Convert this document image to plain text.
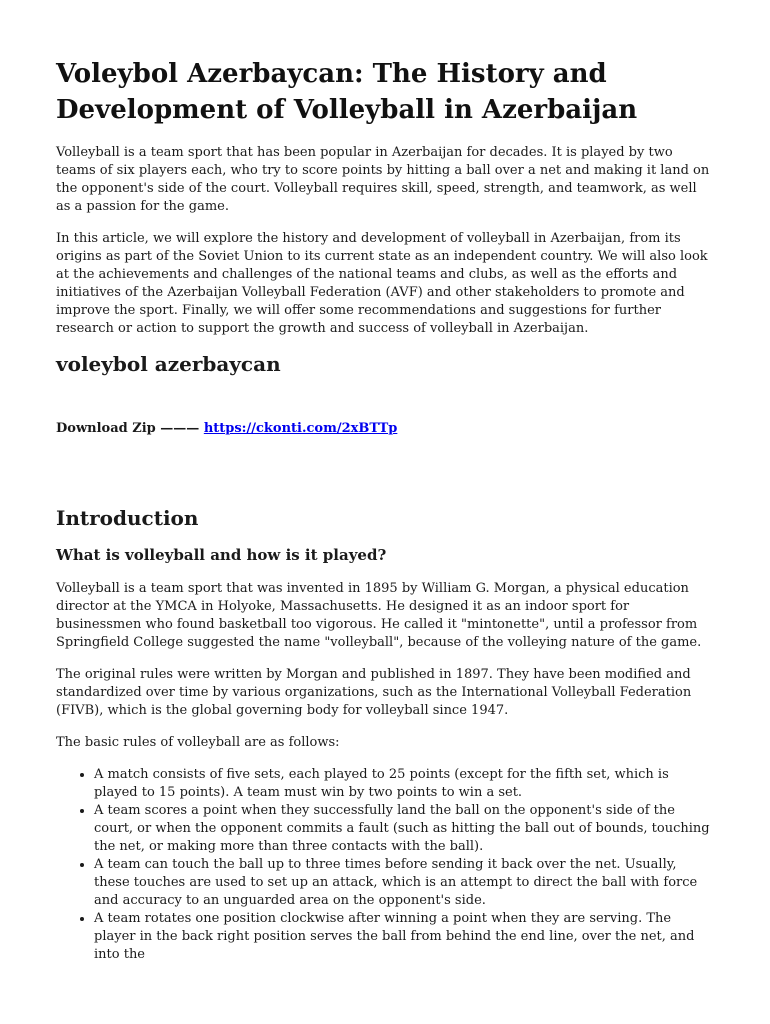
Voleybol Azerbaycan: The History and Development of Volleyball in Azerbaijan

Volleyball is a team sport that has been popular in Azerbaijan for decades. It is played by two teams of six players each, who try to score points by hitting a ball over a net and making it land on the opponent's side of the court. Volleyball requires skill, speed, strength, and teamwork, as well as a passion for the game.

In this article, we will explore the history and development of volleyball in Azerbaijan, from its origins as part of the Soviet Union to its current state as an independent country. We will also look at the achievements and challenges of the national teams and clubs, as well as the efforts and initiatives of the Azerbaijan Volleyball Federation (AVF) and other stakeholders to promote and improve the sport. Finally, we will offer some recommendations and suggestions for further research or action to support the growth and success of volleyball in Azerbaijan.

voleybol azerbaycan
Download Zip ——— https://ckonti.com/2xBTTp
Introduction
What is volleyball and how is it played?

Volleyball is a team sport that was invented in 1895 by William G. Morgan, a physical education director at the YMCA in Holyoke, Massachusetts. He designed it as an indoor sport for businessmen who found basketball too vigorous. He called it "mintonette", until a professor from Springfield College suggested the name "volleyball", because of the volleying nature of the game.

The original rules were written by Morgan and published in 1897. They have been modified and standardized over time by various organizations, such as the International Volleyball Federation (FIVB), which is the global governing body for volleyball since 1947.

The basic rules of volleyball are as follows:

• A match consists of five sets, each played to 25 points (except for the fifth set, which is played to 15 points). A team must win by two points to win a set.
• A team scores a point when they successfully land the ball on the opponent's side of the court, or when the opponent commits a fault (such as hitting the ball out of bounds, touching the net, or making more than three contacts with the ball).
• A team can touch the ball up to three times before sending it back over the net. Usually, these touches are used to set up an attack, which is an attempt to direct the ball with force and accuracy to an unguarded area on the opponent's side.
• A team rotates one position clockwise after winning a point when they are serving. The player in the back right position serves the ball from behind the end line, over the net, and into the
